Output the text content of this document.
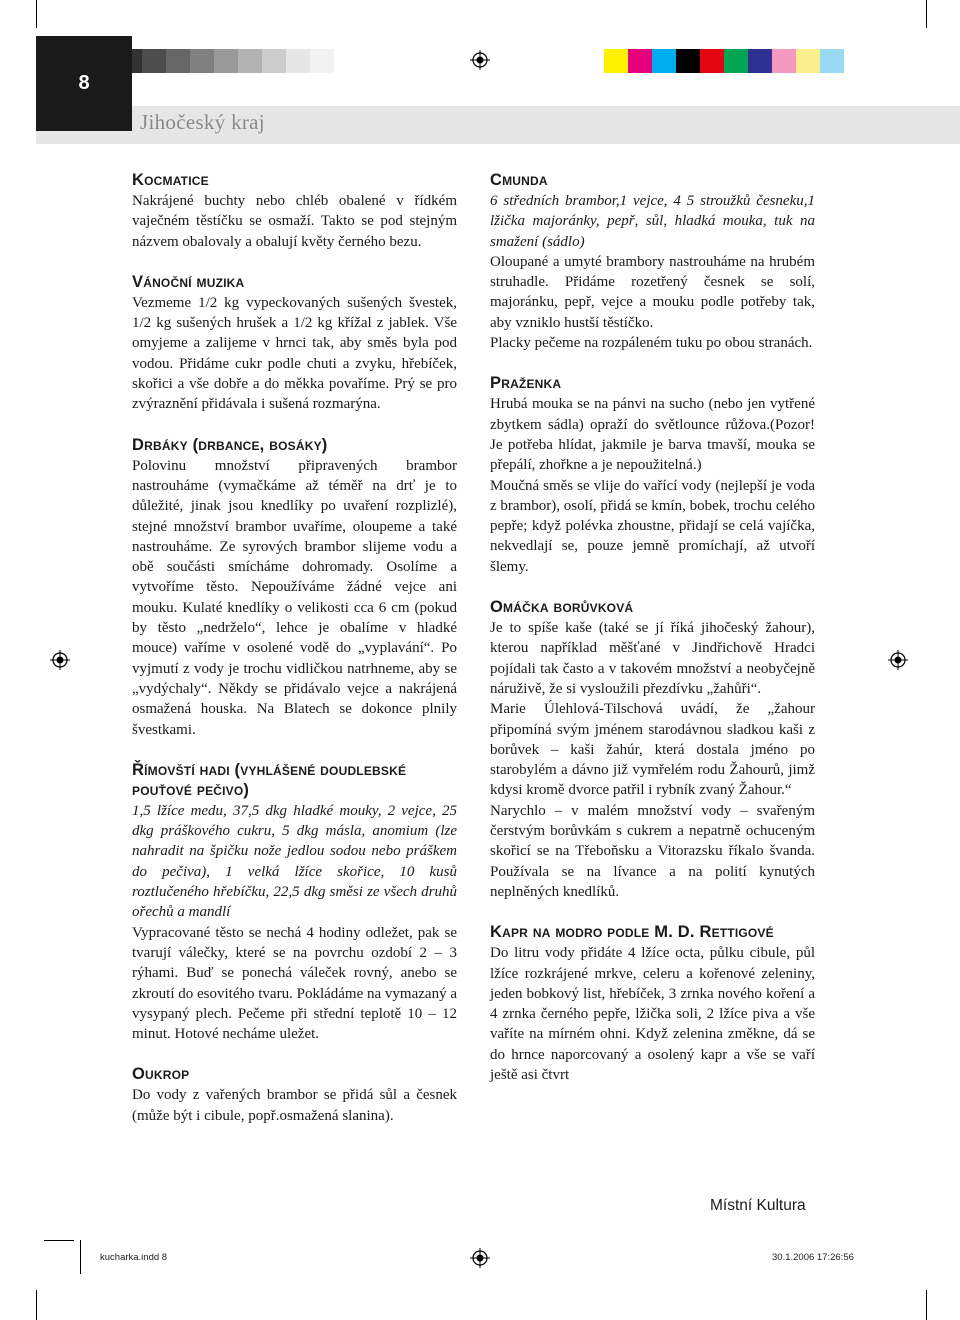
8
Jihočeský kraj
Kocmatice

Nakrájené buchty nebo chléb obalené v řídkém vaječném těstíčku se osmaží. Takto se pod stejným názvem obalovaly a obalují květy černého bezu.

Vánoční muzika

Vezmeme 1/2 kg vypeckovaných sušených švestek, 1/2 kg sušených hrušek a 1/2 kg křížal z jablek. Vše omyjeme a zalijeme v hrnci tak, aby směs byla pod vodou. Přidáme cukr podle chuti a zvyku, hřebíček, skořici a vše dobře a do měkka povaříme. Prý se pro zvýraznění přidávala i sušená rozmarýna.

Drbáky (drbance, bosáky)

Polovinu množství připravených brambor nastrouháme (vymačkáme až téměř na drť je to důležité, jinak jsou knedlíky po uvaření rozplizlé), stejné množství brambor uvaříme, oloupeme a také nastrouháme. Ze syrových brambor slijeme vodu a obě součásti smícháme dohromady. Osolíme a vytvoříme těsto. Nepoužíváme žádné vejce ani mouku. Kulaté knedlíky o velikosti cca 6 cm (pokud by těsto „nedrželo“, lehce je obalíme v hladké mouce) vaříme v osolené vodě do „vyplavání“. Po vyjmutí z vody je trochu vidličkou natrhneme, aby se „vydýchaly“. Někdy se přidávalo vejce a nakrájená osmažená houska. Na Blatech se dokonce plnily švestkami.

Římovští hadi (vyhlášené doudlebské pouťové pečivo)

1,5 lžíce medu, 37,5 dkg hladké mouky, 2 vejce, 25 dkg práškového cukru, 5 dkg másla, anomium (lze nahradit na špičku nože jedlou sodou nebo práškem do pečiva), 1 velká lžíce skořice, 10 kusů roztlučeného hřebíčku, 22,5 dkg směsi ze všech druhů ořechů a mandlí

Vypracované těsto se nechá 4 hodiny odležet, pak se tvarují válečky, které se na povrchu ozdobí 2 – 3 rýhami. Buď se ponechá váleček rovný, anebo se zkroutí do esovitého tvaru. Pokládáme na vymazaný a vysypaný plech. Pečeme při střední teplotě 10 – 12 minut. Hotové necháme uležet.

Oukrop

Do vody z vařených brambor se přidá sůl a česnek (může být i cibule, popř.osmažená slanina).

Cmunda

6 středních brambor,1 vejce, 4 5 stroužků česneku,1 lžička majoránky, pepř, sůl, hladká mouka, tuk na smažení (sádlo)

Oloupané a umyté brambory nastrouháme na hrubém struhadle. Přidáme rozetřený česnek se solí, majoránku, pepř, vejce a mouku podle potřeby tak, aby vzniklo hustší těstíčko.

Placky pečeme na rozpáleném tuku po obou stranách.

Praženka

Hrubá mouka se na pánvi na sucho (nebo jen vytřené zbytkem sádla) opraží do světlounce růžova.(Pozor! Je potřeba hlídat, jakmile je barva tmavší, mouka se přepálí, zhořkne a je nepoužitelná.)

Moučná směs se vlije do vařící vody (nejlepší je voda z brambor), osolí, přidá se kmín, bobek, trochu celého pepře; když polévka zhoustne, přidají se celá vajíčka, nekvedlají se, pouze jemně promíchají, až utvoří šlemy.

Omáčka borůvková

Je to spíše kaše (také se jí říká jihočeský žahour), kterou například měšťané v Jindřichově Hradci pojídali tak často a v takovém množství a neobyčejně náruživě, že si vysloužili přezdívku „žahůři“.

Marie Úlehlová-Tilschová uvádí, že „žahour připomíná svým jménem starodávnou sladkou kaši z borůvek – kaši žahúr, která dostala jméno po starobylém a dávno již vymřelém rodu Žahourů, jimž kdysi kromě dvorce patřil i rybník zvaný Žahour.“

Narychlo – v malém množství vody – svařeným čerstvým borůvkám s cukrem a nepatrně ochuceným skořicí se na Třeboňsku a Vitorazsku říkalo švanda. Používala se na lívance a na polití kynutých neplněných knedlíků.

Kapr na modro podle M. D. Rettigové

Do litru vody přidáte 4 lžíce octa, půlku cibule, půl lžíce rozkrájené mrkve, celeru a kořenové zeleniny, jeden bobkový list, hřebíček, 3 zrnka nového koření a 4 zrnka černého pepře, lžička soli, 2 lžíce piva a vše vaříte na mírném ohni. Když zelenina změkne, dá se do hrnce naporcovaný a osolený kapr a vše se vaří ještě asi čtvrt

Místní Kultura
kucharka.indd 8	30.1.2006 17:26:56
